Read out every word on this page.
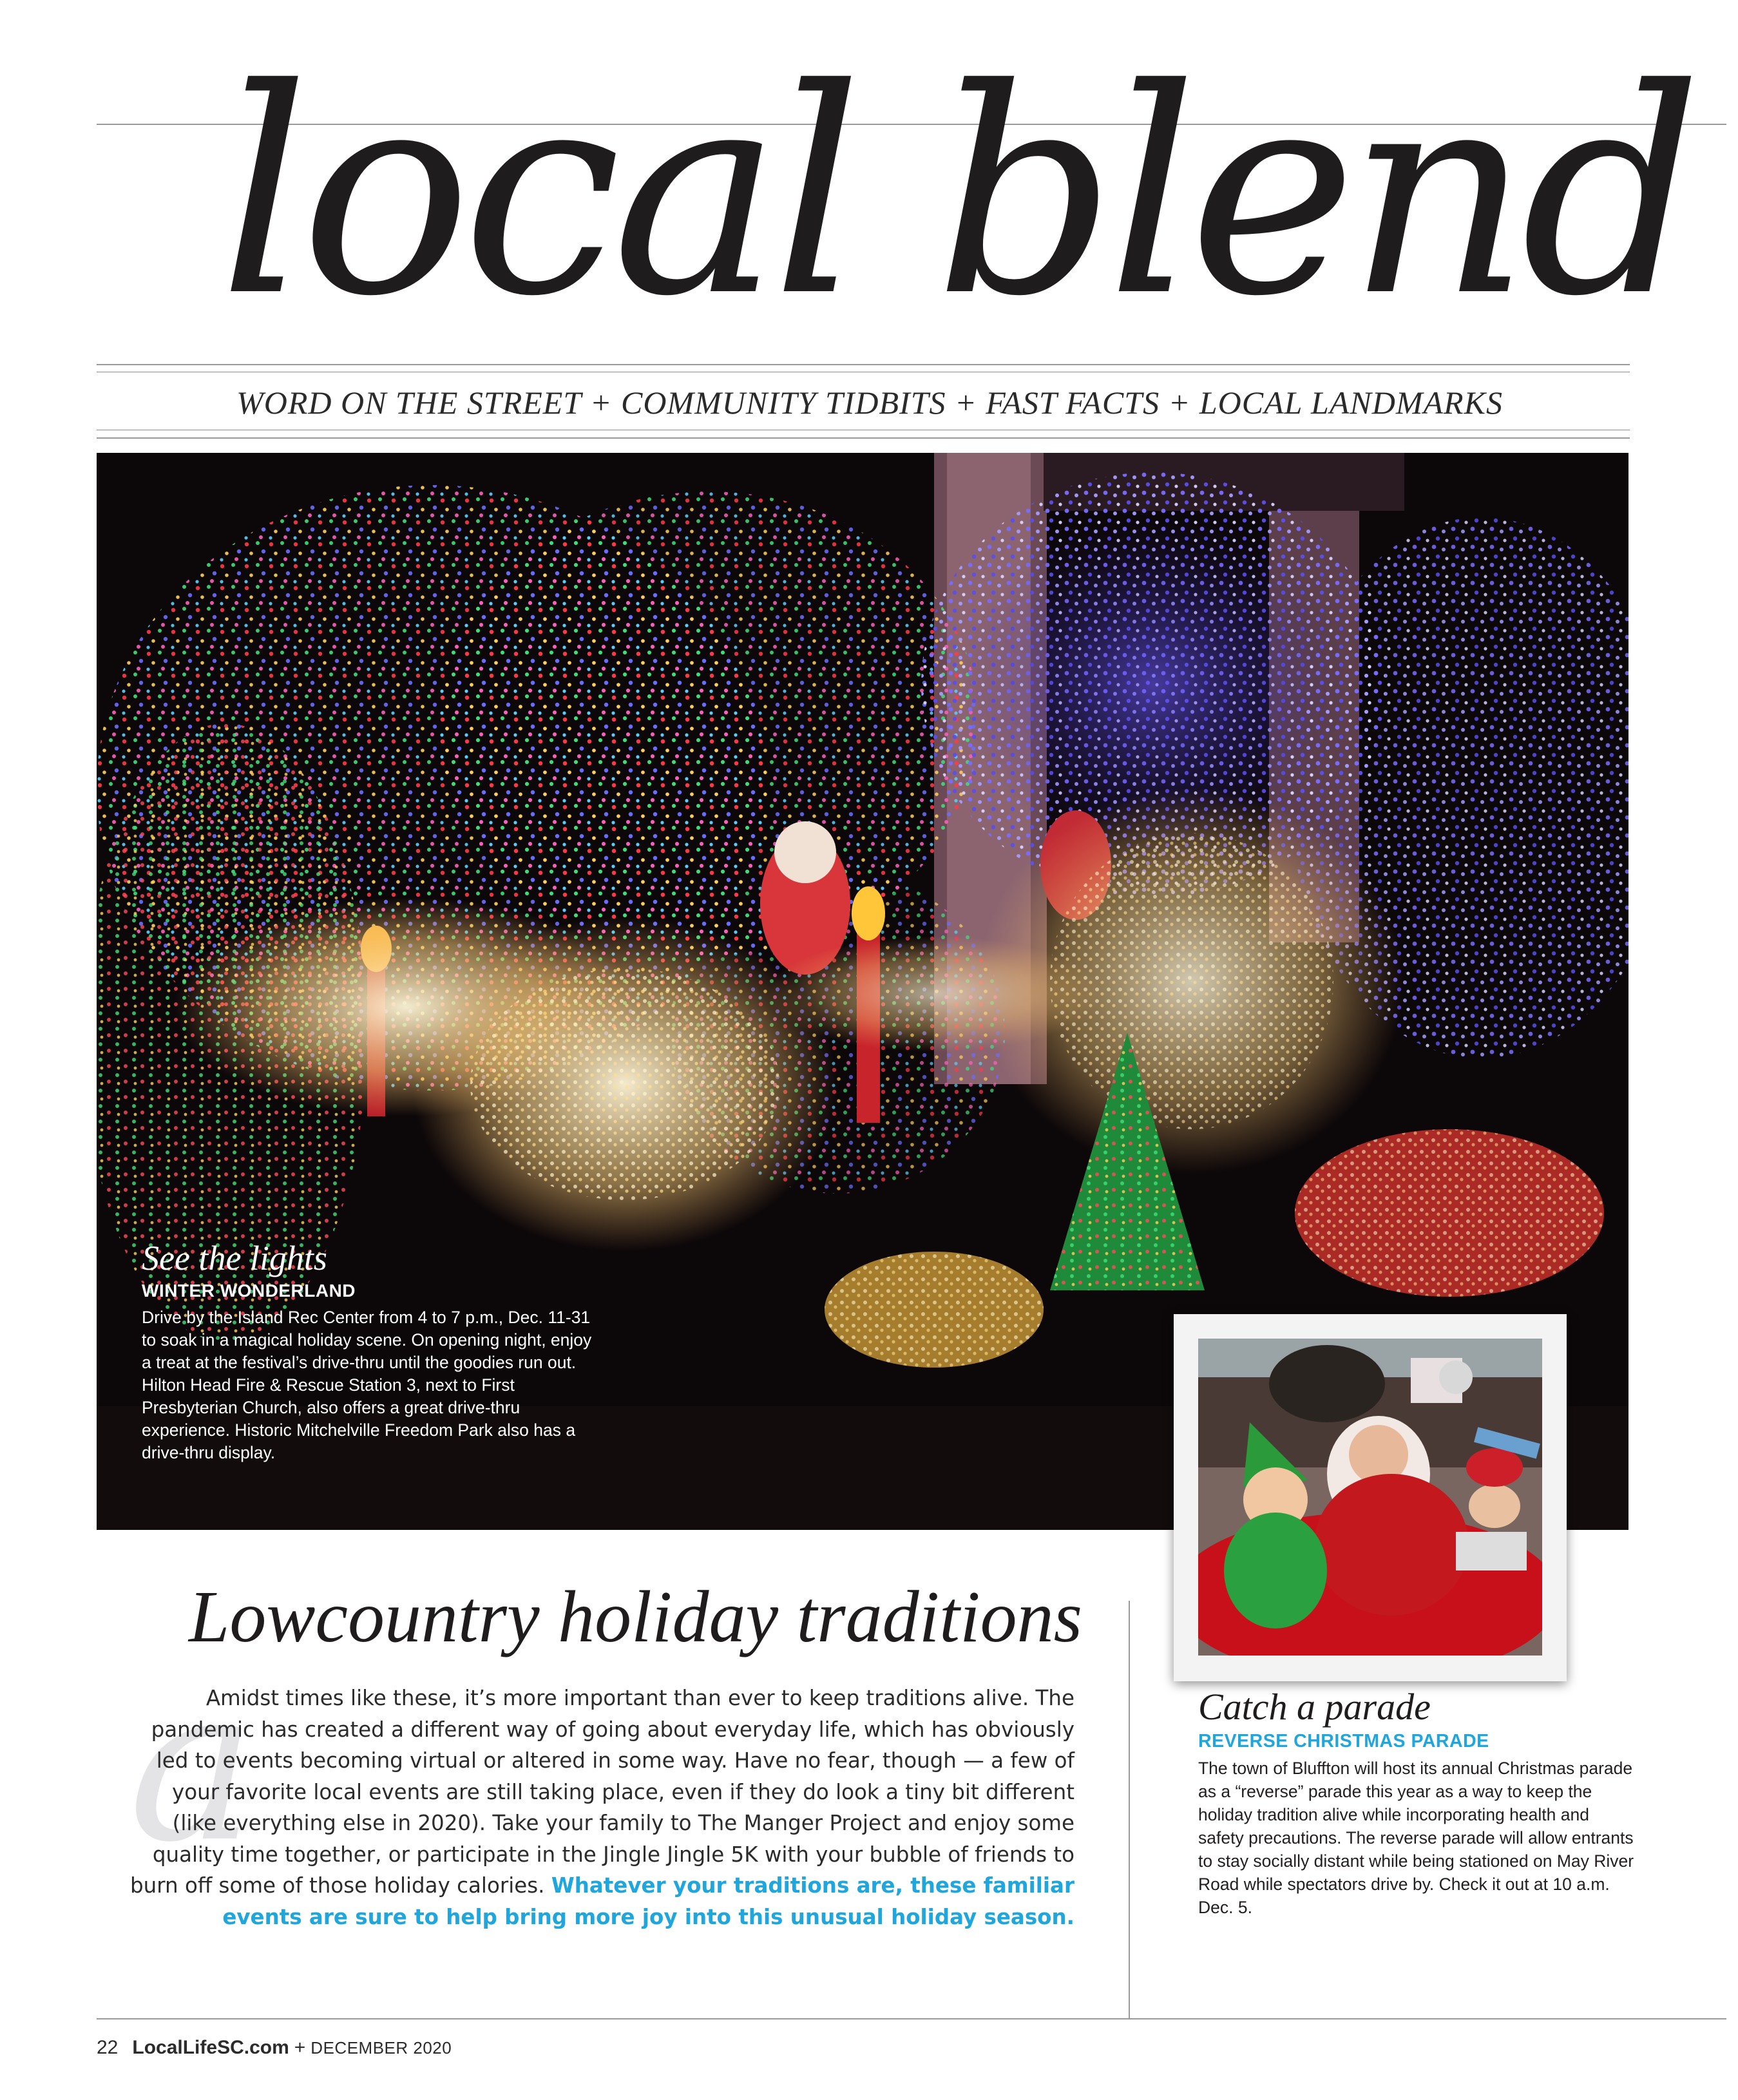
local blend
WORD ON THE STREET + COMMUNITY TIDBITS + FAST FACTS + LOCAL LANDMARKS
See the lights
WINTER WONDERLAND
Drive by the Island Rec Center from 4 to 7 p.m., Dec. 11-31 to soak in a magical holiday scene. On opening night, enjoy a treat at the festival’s drive-thru until the goodies run out. Hilton Head Fire & Rescue Station 3, next to First Presbyterian Church, also offers a great drive-thru experience. Historic Mitchelville Freedom Park also has a drive-thru display.
Lowcountry holiday traditions
a
Amidst times like these, it’s more important than ever to keep traditions alive. The
pandemic has created a different way of going about everyday life, which has obviously
led to events becoming virtual or altered in some way. Have no fear, though — a few of
your favorite local events are still taking place, even if they do look a tiny bit different
(like everything else in 2020). Take your family to The Manger Project and enjoy some
quality time together, or participate in the Jingle Jingle 5K with your bubble of friends to
burn off some of those holiday calories. Whatever your traditions are, these familiar
events are sure to help bring more joy into this unusual holiday season.
Catch a parade
REVERSE CHRISTMAS PARADE
The town of Bluffton will host its annual Christmas parade as a “reverse” parade this year as a way to keep the holiday tradition alive while incorporating health and safety precautions. The reverse parade will allow entrants to stay socially distant while being stationed on May River Road while spectators drive by. Check it out at 10 a.m. Dec. 5.
22 LocalLifeSC.com + DECEMBER 2020
